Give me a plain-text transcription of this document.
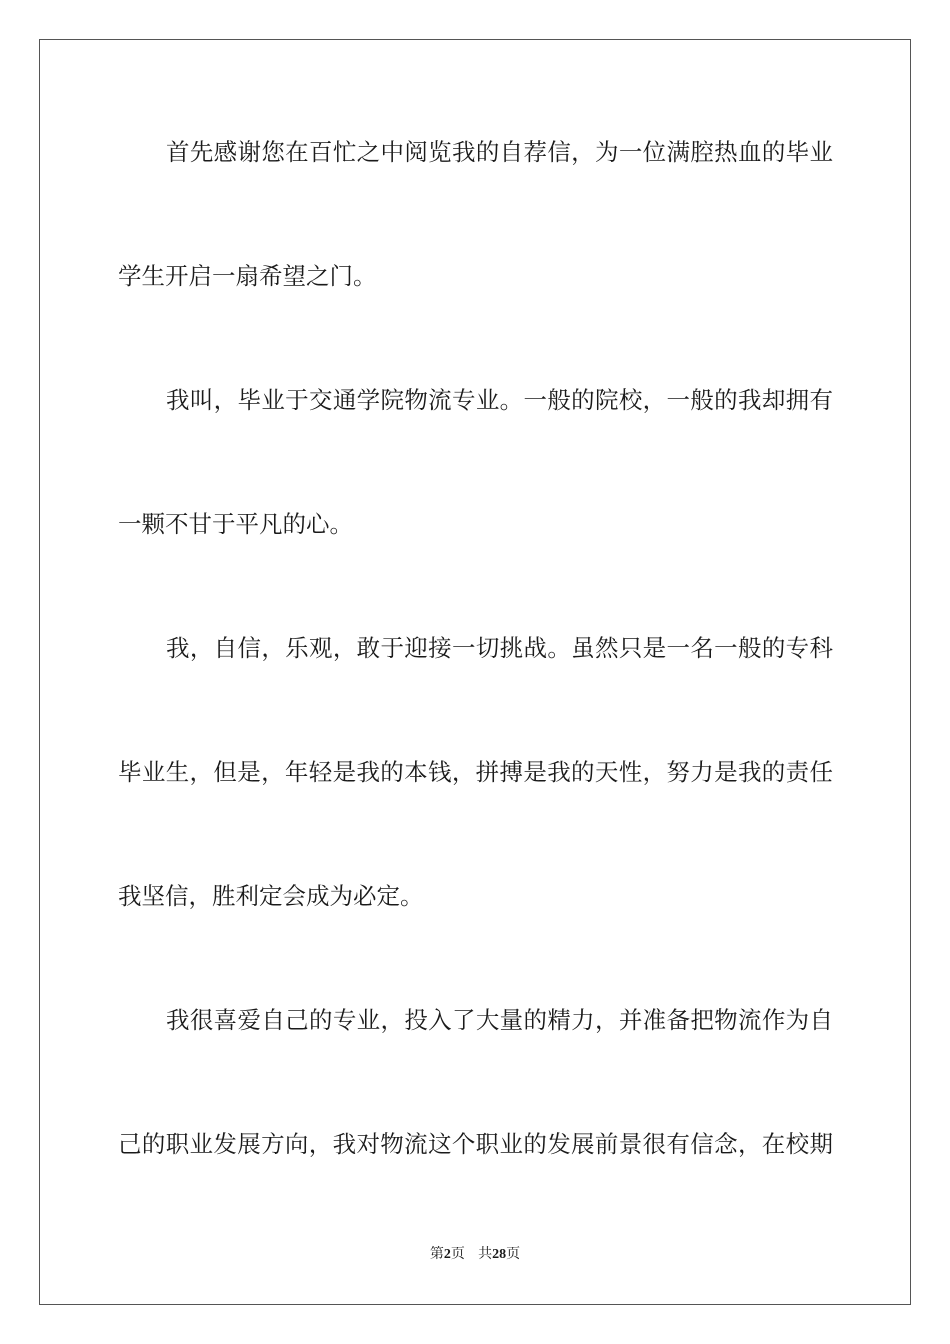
首先感谢您在百忙之中阅览我的自荐信，为一位满腔热血的毕业
学生开启一扇希望之门。
我叫，毕业于交通学院物流专业。一般的院校，一般的我却拥有
一颗不甘于平凡的心。
我，自信，乐观，敢于迎接一切挑战。虽然只是一名一般的专科
毕业生，但是，年轻是我的本钱，拼搏是我的天性，努力是我的责任
我坚信，胜利定会成为必定。
我很喜爱自己的专业，投入了大量的精力，并准备把物流作为自
己的职业发展方向，我对物流这个职业的发展前景很有信念，在校期
第2页 共28页
